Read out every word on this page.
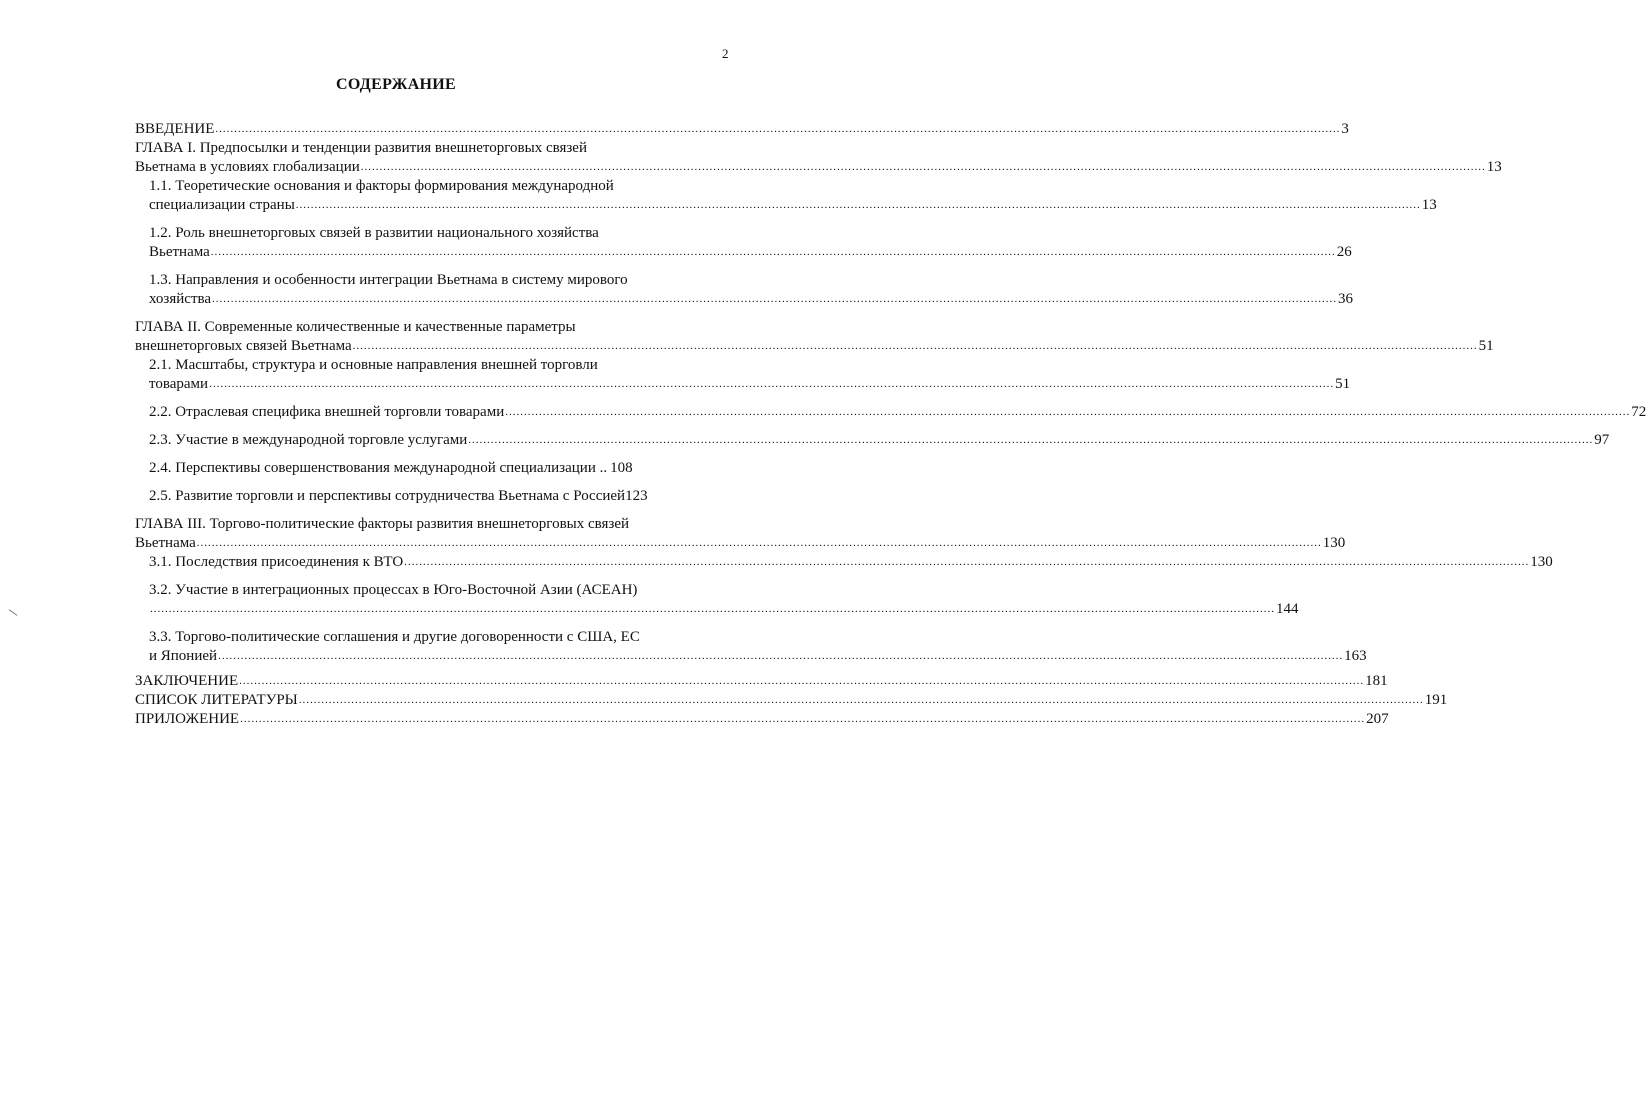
2
СОДЕРЖАНИЕ
ВВЕДЕНИЕ ............................................................................................................................................................................................................................................................................................................ 3
ГЛАВА I. Предпосылки и тенденции развития внешнеторговых связей
Вьетнама в условиях глобализации ............................................................................................................................................................................................................................................................................................................ 13
1.1. Теоретические основания и факторы формирования международной
специализации страны ............................................................................................................................................................................................................................................................................................................ 13
1.2. Роль внешнеторговых связей в развитии национального хозяйства
Вьетнама ............................................................................................................................................................................................................................................................................................................ 26
1.3. Направления и особенности интеграции Вьетнама в систему мирового
хозяйства ............................................................................................................................................................................................................................................................................................................ 36
ГЛАВА II. Современные количественные и качественные параметры
внешнеторговых связей Вьетнама ............................................................................................................................................................................................................................................................................................................ 51
2.1. Масштабы, структура и основные направления внешней торговли
товарами ............................................................................................................................................................................................................................................................................................................ 51
2.2. Отраслевая специфика внешней торговли товарами ............................................................................................................................................................................................................................................................................................................ 72
2.3. Участие в международной торговле услугами ............................................................................................................................................................................................................................................................................................................ 97
2.4. Перспективы совершенствования международной специализации .. 108
2.5. Развитие торговли и перспективы сотрудничества Вьетнама с Россией 123
ГЛАВА III. Торгово-политические факторы развития внешнеторговых связей
Вьетнама ............................................................................................................................................................................................................................................................................................................ 130
3.1. Последствия присоединения к ВТО ............................................................................................................................................................................................................................................................................................................ 130
3.2. Участие в интеграционных процессах в Юго-Восточной Азии (АСЕАН)
............................................................................................................................................................................................................................................................................................................ 144
3.3. Торгово-политические соглашения и другие договоренности с США, ЕС
и Японией ............................................................................................................................................................................................................................................................................................................ 163
ЗАКЛЮЧЕНИЕ ............................................................................................................................................................................................................................................................................................................ 181
СПИСОК ЛИТЕРАТУРЫ ............................................................................................................................................................................................................................................................................................................ 191
ПРИЛОЖЕНИЕ ............................................................................................................................................................................................................................................................................................................ 207
